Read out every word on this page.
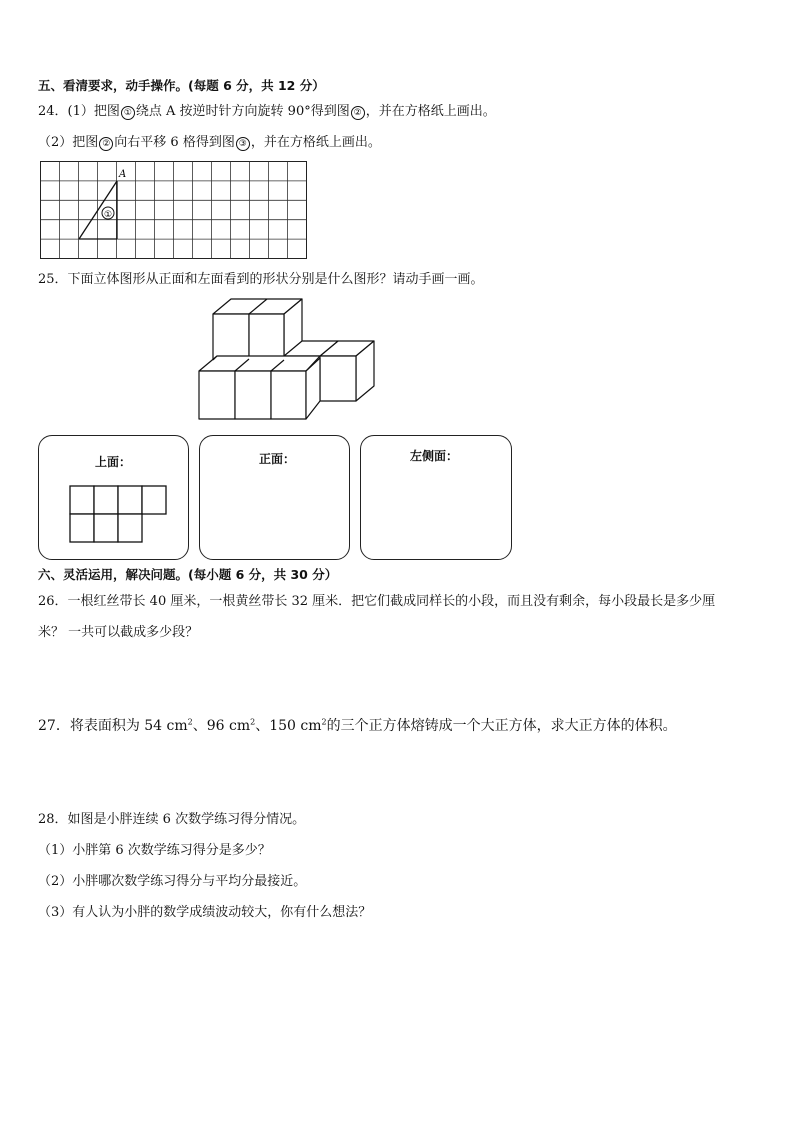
五、看清要求，动手操作。(每题 6 分，共 12 分）
24．(1）把图 ① 绕点 A 按逆时针方向旋转 90°得到图 ② ，并在方格纸上画出。
（2）把图 ② 向右平移 6 格得到图 ③ ，并在方格纸上画出。
①
A
25．下面立体图形从正面和左面看到的形状分别是什么图形？请动手画一画。
上面：	正面：	左侧面：
六、灵活运用，解决问题。(每小题 6 分，共 30 分）
26．一根红丝带长 40 厘米，一根黄丝带长 32 厘米．把它们截成同样长的小段，而且没有剩余，每小段最长是多少厘
米？ 一共可以截成多少段？
27．将表面积为 54 $cm^2$、96 $cm^2$、150 $cm^2$的三个正方体熔铸成一个大正方体，求大正方体的体积。
28．如图是小胖连续 6 次数学练习得分情况。
（1）小胖第 6 次数学练习得分是多少？
（2）小胖哪次数学练习得分与平均分最接近。
（3）有人认为小胖的数学成绩波动较大，你有什么想法？
